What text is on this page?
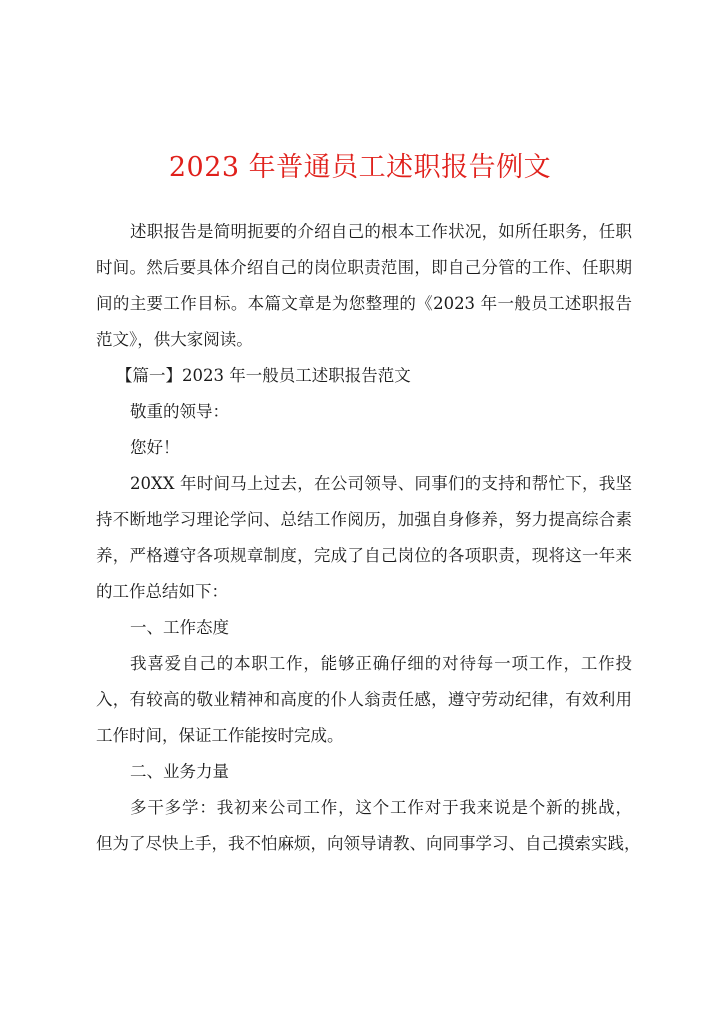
2023 年普通员工述职报告例文

述职报告是简明扼要的介绍自己的根本工作状况，如所任职务，任职
时间。然后要具体介绍自己的岗位职责范围，即自己分管的工作、任职期
间的主要工作目标。本篇文章是为您整理的《2023 年一般员工述职报告
范文》，供大家阅读。

【篇一】2023 年一般员工述职报告范文

敬重的领导：

您好！

20XX 年时间马上过去，在公司领导、同事们的支持和帮忙下，我坚
持不断地学习理论学问、总结工作阅历，加强自身修养，努力提高综合素
养，严格遵守各项规章制度，完成了自己岗位的各项职责，现将这一年来
的工作总结如下：

一、工作态度

我喜爱自己的本职工作，能够正确仔细的对待每一项工作，工作投
入，有较高的敬业精神和高度的仆人翁责任感，遵守劳动纪律，有效利用
工作时间，保证工作能按时完成。

二、业务力量

多干多学：我初来公司工作，这个工作对于我来说是个新的挑战，
但为了尽快上手，我不怕麻烦，向领导请教、向同事学习、自己摸索实践，
